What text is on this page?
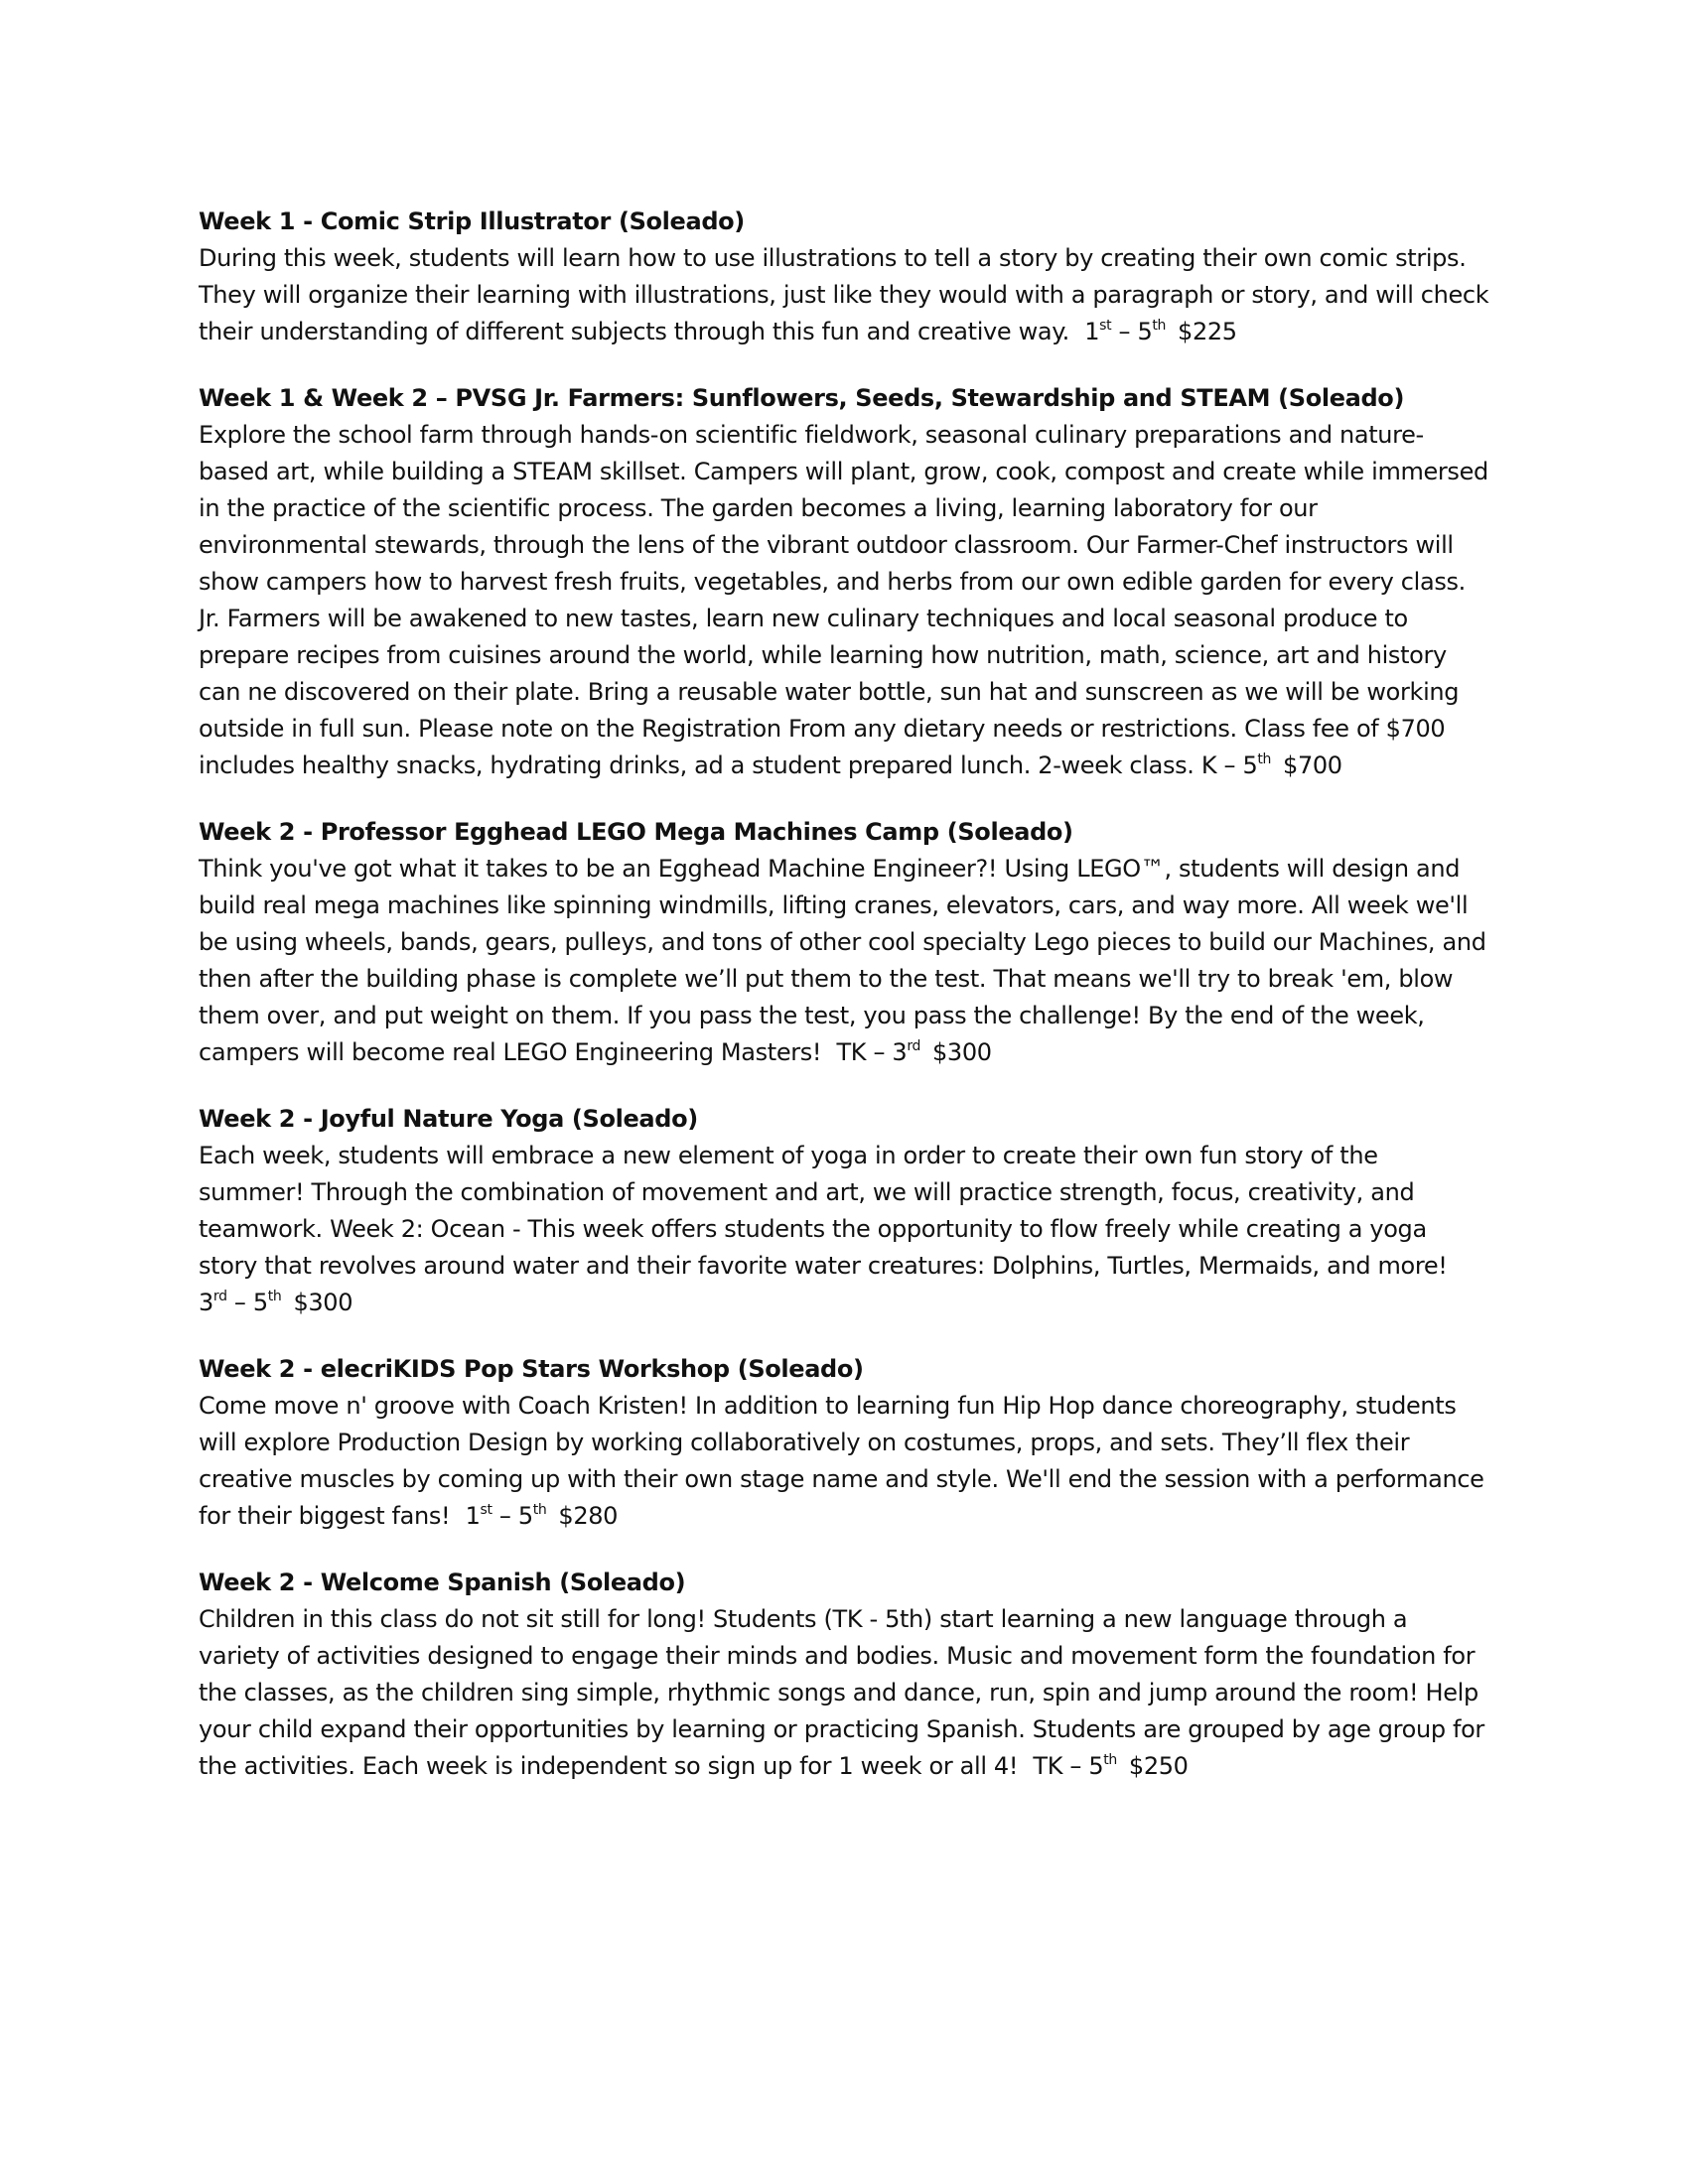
Week 1 - Comic Strip Illustrator (Soleado)

During this week, students will learn how to use illustrations to tell a story by creating their own comic strips. They will organize their learning with illustrations, just like they would with a paragraph or story, and will check their understanding of different subjects through this fun and creative way. 1st – 5th $225

Week 1 & Week 2 – PVSG Jr. Farmers: Sunflowers, Seeds, Stewardship and STEAM (Soleado)

Explore the school farm through hands-on scientific fieldwork, seasonal culinary preparations and nature-based art, while building a STEAM skillset. Campers will plant, grow, cook, compost and create while immersed in the practice of the scientific process. The garden becomes a living, learning laboratory for our environmental stewards, through the lens of the vibrant outdoor classroom. Our Farmer-Chef instructors will show campers how to harvest fresh fruits, vegetables, and herbs from our own edible garden for every class. Jr. Farmers will be awakened to new tastes, learn new culinary techniques and local seasonal produce to prepare recipes from cuisines around the world, while learning how nutrition, math, science, art and history can ne discovered on their plate. Bring a reusable water bottle, sun hat and sunscreen as we will be working outside in full sun. Please note on the Registration From any dietary needs or restrictions. Class fee of $700 includes healthy snacks, hydrating drinks, ad a student prepared lunch. 2-week class. K – 5th $700

Week 2 - Professor Egghead LEGO Mega Machines Camp (Soleado)

Think you've got what it takes to be an Egghead Machine Engineer?! Using LEGO™, students will design and build real mega machines like spinning windmills, lifting cranes, elevators, cars, and way more. All week we'll be using wheels, bands, gears, pulleys, and tons of other cool specialty Lego pieces to build our Machines, and then after the building phase is complete we’ll put them to the test. That means we'll try to break 'em, blow them over, and put weight on them. If you pass the test, you pass the challenge! By the end of the week, campers will become real LEGO Engineering Masters! TK – 3rd $300

Week 2 - Joyful Nature Yoga (Soleado)

Each week, students will embrace a new element of yoga in order to create their own fun story of the summer! Through the combination of movement and art, we will practice strength, focus, creativity, and teamwork. Week 2: Ocean - This week offers students the opportunity to flow freely while creating a yoga story that revolves around water and their favorite water creatures: Dolphins, Turtles, Mermaids, and more! 3rd – 5th $300

Week 2 - elecriKIDS Pop Stars Workshop (Soleado)

Come move n' groove with Coach Kristen! In addition to learning fun Hip Hop dance choreography, students will explore Production Design by working collaboratively on costumes, props, and sets. They’ll flex their creative muscles by coming up with their own stage name and style. We'll end the session with a performance for their biggest fans! 1st – 5th $280

Week 2 - Welcome Spanish (Soleado)

Children in this class do not sit still for long! Students (TK - 5th) start learning a new language through a variety of activities designed to engage their minds and bodies. Music and movement form the foundation for the classes, as the children sing simple, rhythmic songs and dance, run, spin and jump around the room! Help your child expand their opportunities by learning or practicing Spanish. Students are grouped by age group for the activities. Each week is independent so sign up for 1 week or all 4! TK – 5th $250
